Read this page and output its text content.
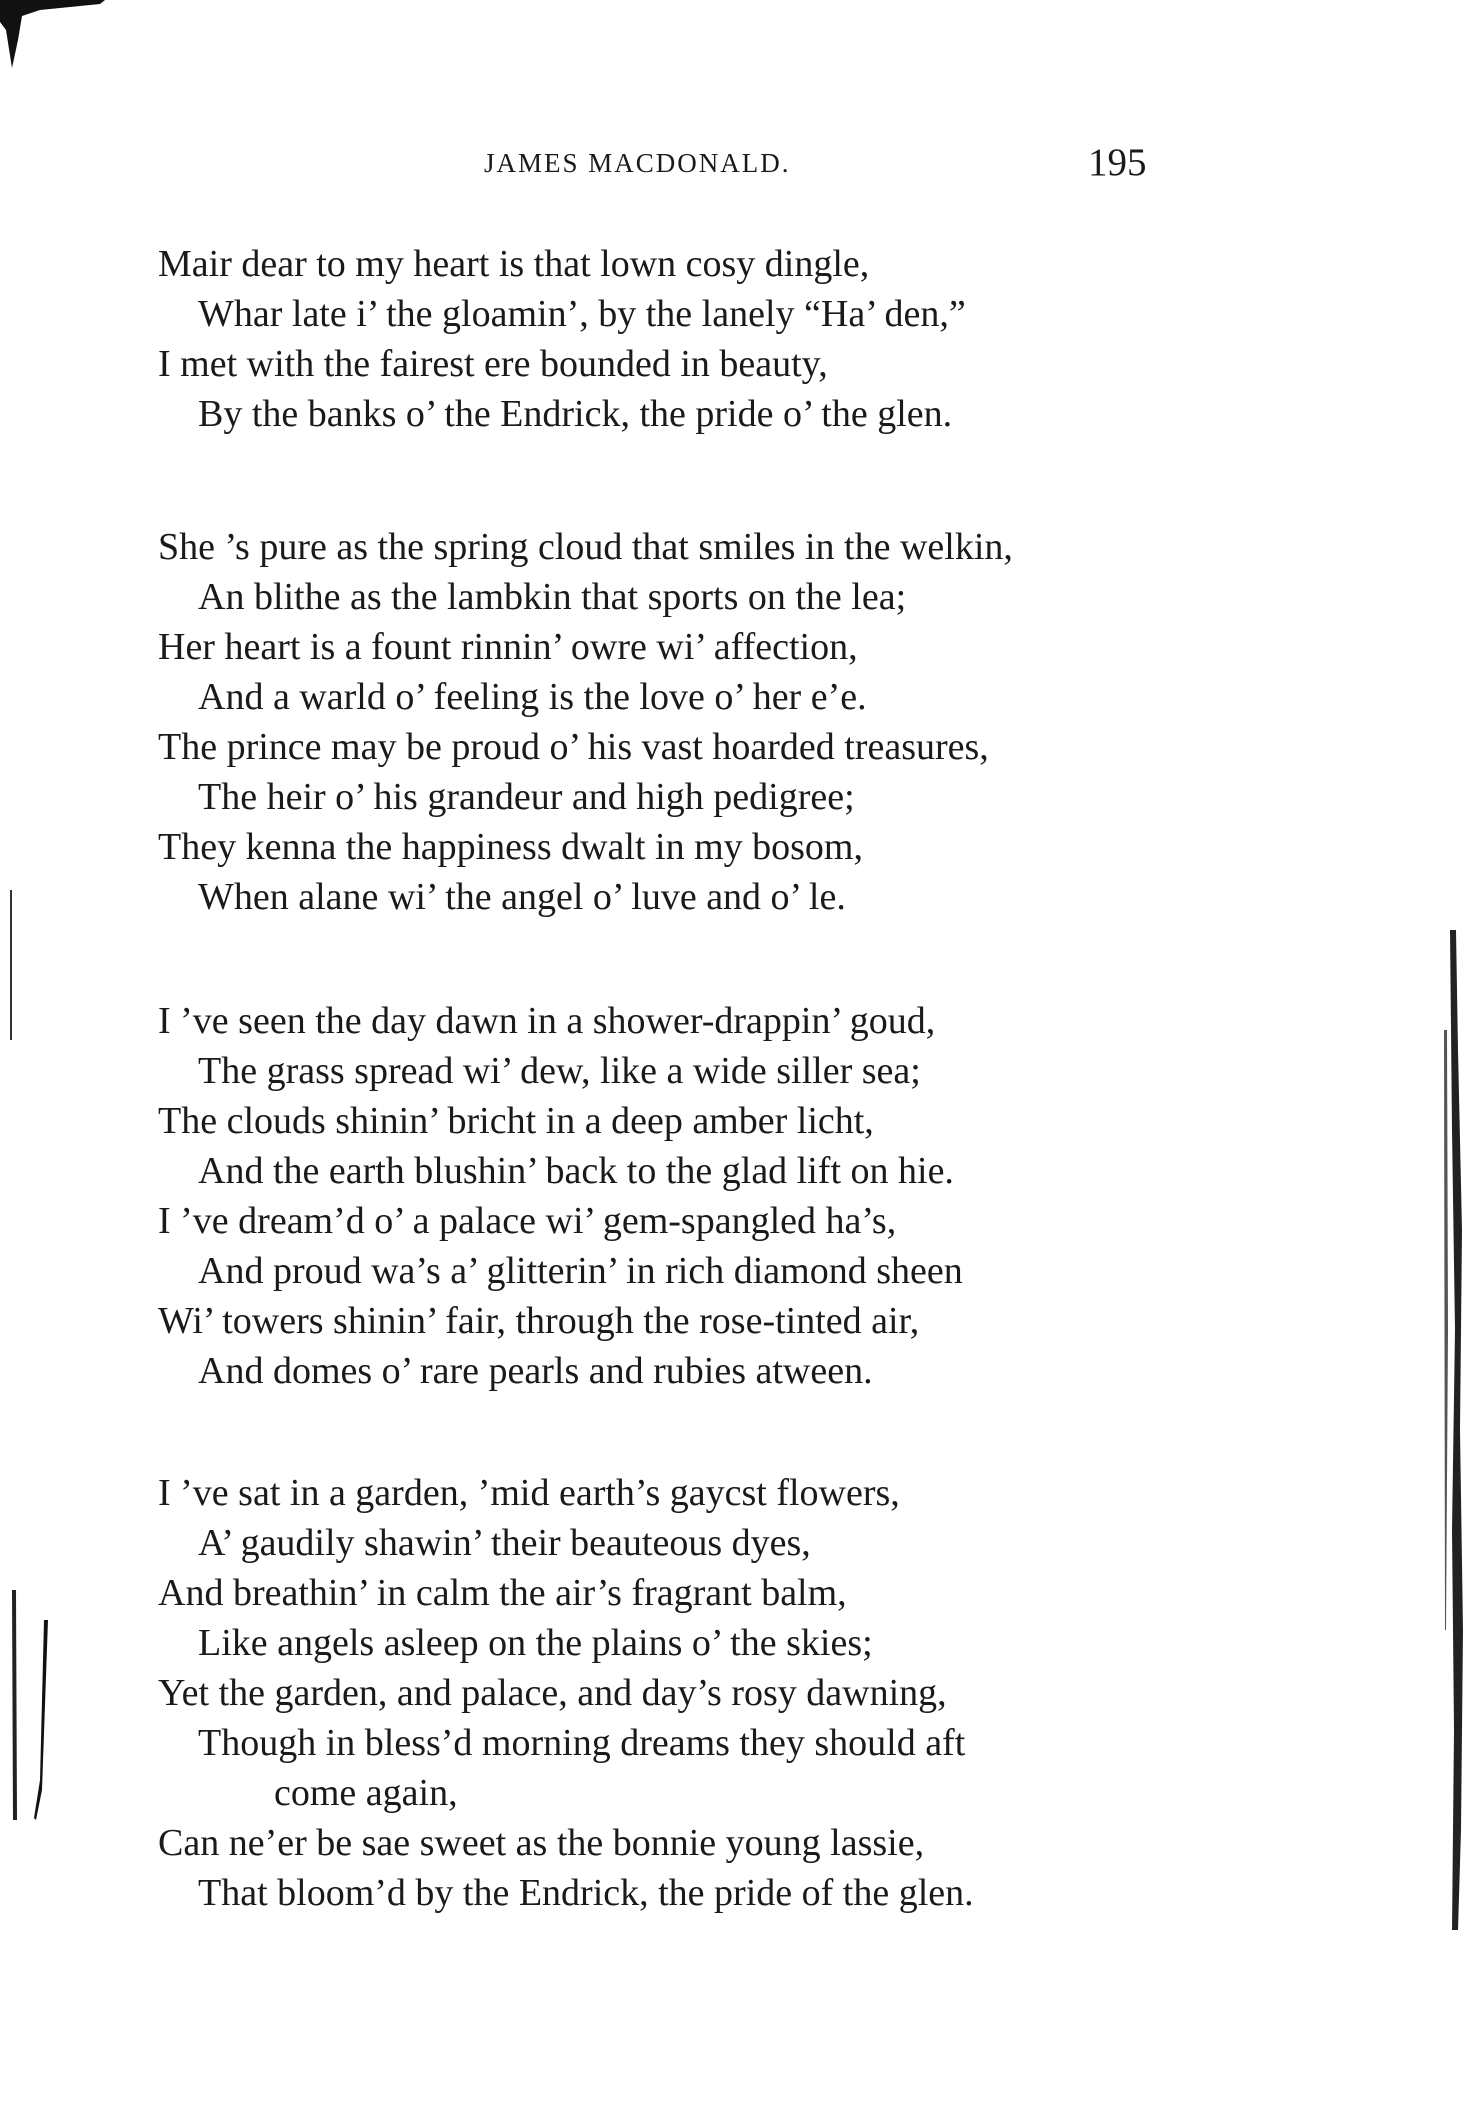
JAMES MACDONALD.	195
Mair dear to my heart is that lown cosy dingle,
Whar late i’ the gloamin’, by the lanely “Ha’ den,”
I met with the fairest ere bounded in beauty,
By the banks o’ the Endrick, the pride o’ the glen.
She ’s pure as the spring cloud that smiles in the welkin,
An blithe as the lambkin that sports on the lea;
Her heart is a fount rinnin’ owre wi’ affection,
And a warld o’ feeling is the love o’ her e’e.
The prince may be proud o’ his vast hoarded treasures,
The heir o’ his grandeur and high pedigree;
They kenna the happiness dwalt in my bosom,
When alane wi’ the angel o’ luve and o’ le.
I ’ve seen the day dawn in a shower-drappin’ goud,
The grass spread wi’ dew, like a wide siller sea;
The clouds shinin’ bricht in a deep amber licht,
And the earth blushin’ back to the glad lift on hie.
I ’ve dream’d o’ a palace wi’ gem-spangled ha’s,
And proud wa’s a’ glitterin’ in rich diamond sheen
Wi’ towers shinin’ fair, through the rose-tinted air,
And domes o’ rare pearls and rubies atween.
I ’ve sat in a garden, ’mid earth’s gaycst flowers,
A’ gaudily shawin’ their beauteous dyes,
And breathin’ in calm the air’s fragrant balm,
Like angels asleep on the plains o’ the skies;
Yet the garden, and palace, and day’s rosy dawning,
Though in bless’d morning dreams they should aft
come again,
Can ne’er be sae sweet as the bonnie young lassie,
That bloom’d by the Endrick, the pride of the glen.
